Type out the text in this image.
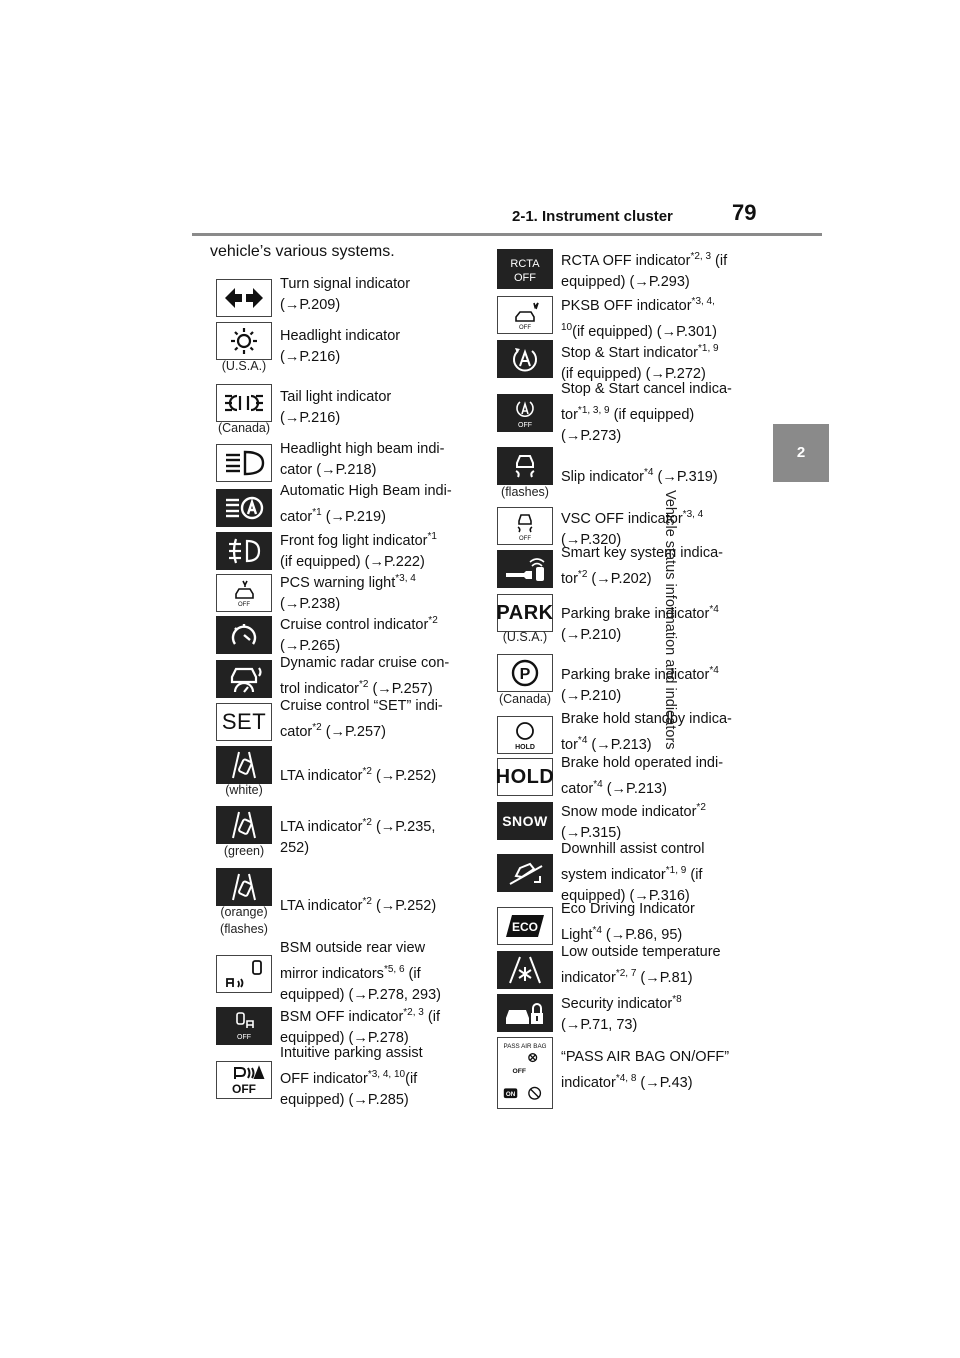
2-1. Instrument cluster	79
2
Vehicle status information and indicators
vehicle’s various systems.
Turn signal indicator
(→P.209)
(U.S.A.)
Headlight indicator
(→P.216)
(Canada)
Tail light indicator
(→P.216)
Headlight high beam indi-
cator (→P.218)
Automatic High Beam indi-
cator$^{*1}$ (→P.219)
Front fog light indicator$^{*1}$
(if equipped) (→P.222)
OFF
PCS warning light$^{*3, 4}$
(→P.238)
Cruise control indicator$^{*2}$
(→P.265)
Dynamic radar cruise con-
trol indicator$^{*2}$ (→P.257)
SET
Cruise control “SET” indi-
cator$^{*2}$ (→P.257)
(white)
LTA indicator$^{*2}$ (→P.252)
(green)
LTA indicator$^{*2}$ (→P.235,
252)
(orange)
(flashes)
LTA indicator$^{*2}$ (→P.252)
BSM outside rear view
mirror indicators$^{*5, 6}$ (if
equipped) (→P.278, 293)
OFF
BSM OFF indicator$^{*2, 3}$ (if
equipped) (→P.278)
OFF
Intuitive parking assist
OFF indicator$^{*3, 4, 10}$(if
equipped) (→P.285)
RCTA
OFF
RCTA OFF indicator$^{*2, 3}$ (if
equipped) (→P.293)
OFF
PKSB OFF indicator$^{*3, 4,}$
$^{10}$(if equipped) (→P.301)
Stop & Start indicator$^{*1, 9}$
(if equipped) (→P.272)
OFF
Stop & Start cancel indica-
tor$^{*1, 3, 9}$ (if equipped)
(→P.273)
(flashes)
Slip indicator$^{*4}$ (→P.319)
OFF
VSC OFF indicator$^{*3, 4}$
(→P.320)
Smart key system indica-
tor$^{*2}$ (→P.202)
PARK
(U.S.A.)
Parking brake indicator$^{*4}$
(→P.210)
P
(Canada)
Parking brake indicator$^{*4}$
(→P.210)
HOLD
Brake hold standby indica-
tor$^{*4}$ (→P.213)
HOLD
Brake hold operated indi-
cator$^{*4}$ (→P.213)
SNOW
Snow mode indicator$^{*2}$
(→P.315)
Downhill assist control
system indicator$^{*1, 9}$ (if
equipped) (→P.316)
ECO
Eco Driving Indicator
Light$^{*4}$ (→P.86, 95)
Low outside temperature
indicator$^{*2, 7}$ (→P.81)
Security indicator$^{*8}$
(→P.71, 73)
PASS AIR BAG
OFF
ON
“PASS AIR BAG ON/OFF”
indicator$^{*4, 8}$ (→P.43)
